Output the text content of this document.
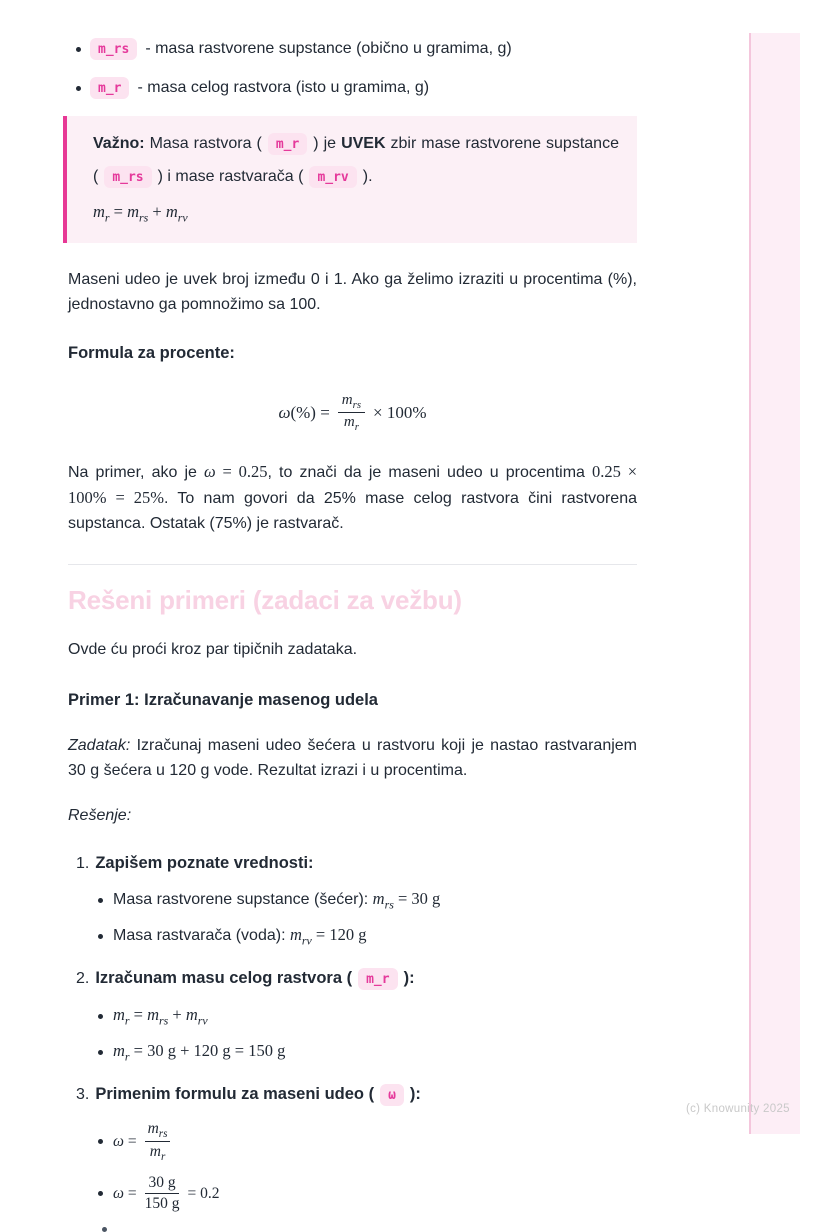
m_rs	- masa rastvorene supstance (obično u gramima, g)
m_r	- masa celog rastvora (isto u gramima, g)

Važno: Masa rastvora ( m_r ) je UVEK zbir mase rastvorene supstance ( m_rs ) i mase rastvarača ( m_rv ).

$m_r = m_{rs} + m_{rv}$

Maseni udeo je uvek broj između 0 i 1. Ako ga želimo izraziti u procentima (%), jednostavno ga pomnožimo sa 100.

Formula za procente:

$\omega(\%) = \frac{m_{rs}}{m_r} \times 100\%$

Na primer, ako je ω = 0.25, to znači da je maseni udeo u procentima 0.25 × 100% = 25%. To nam govori da 25% mase celog rastvora čini rastvorena supstanca. Ostatak (75%) je rastvarač.

Rešeni primeri (zadaci za vežbu)

Ovde ću proći kroz par tipičnih zadataka.

Primer 1: Izračunavanje masenog udela

Zadatak: Izračunaj maseni udeo šećera u rastvoru koji je nastao rastvaranjem 30 g šećera u 120 g vode. Rezultat izrazi i u procentima.

Rešenje:

1. Zapišem poznate vrednosti:
Masa rastvorene supstance (šećer): $m_{rs} = 30$ g
Masa rastvarača (voda): $m_{rv} = 120$ g
2. Izračunam masu celog rastvora ( m_r ):
$m_r = m_{rs} + m_{rv}$
$m_r = 30$ g + 120 g = 150 g
3. Primenim formulu za maseni udeo ( ω ):
$\omega = \frac{m_{rs}}{m_r}$
$\omega = \frac{30 g}{150 g} = 0.2$
(c) Knowunity 2025
